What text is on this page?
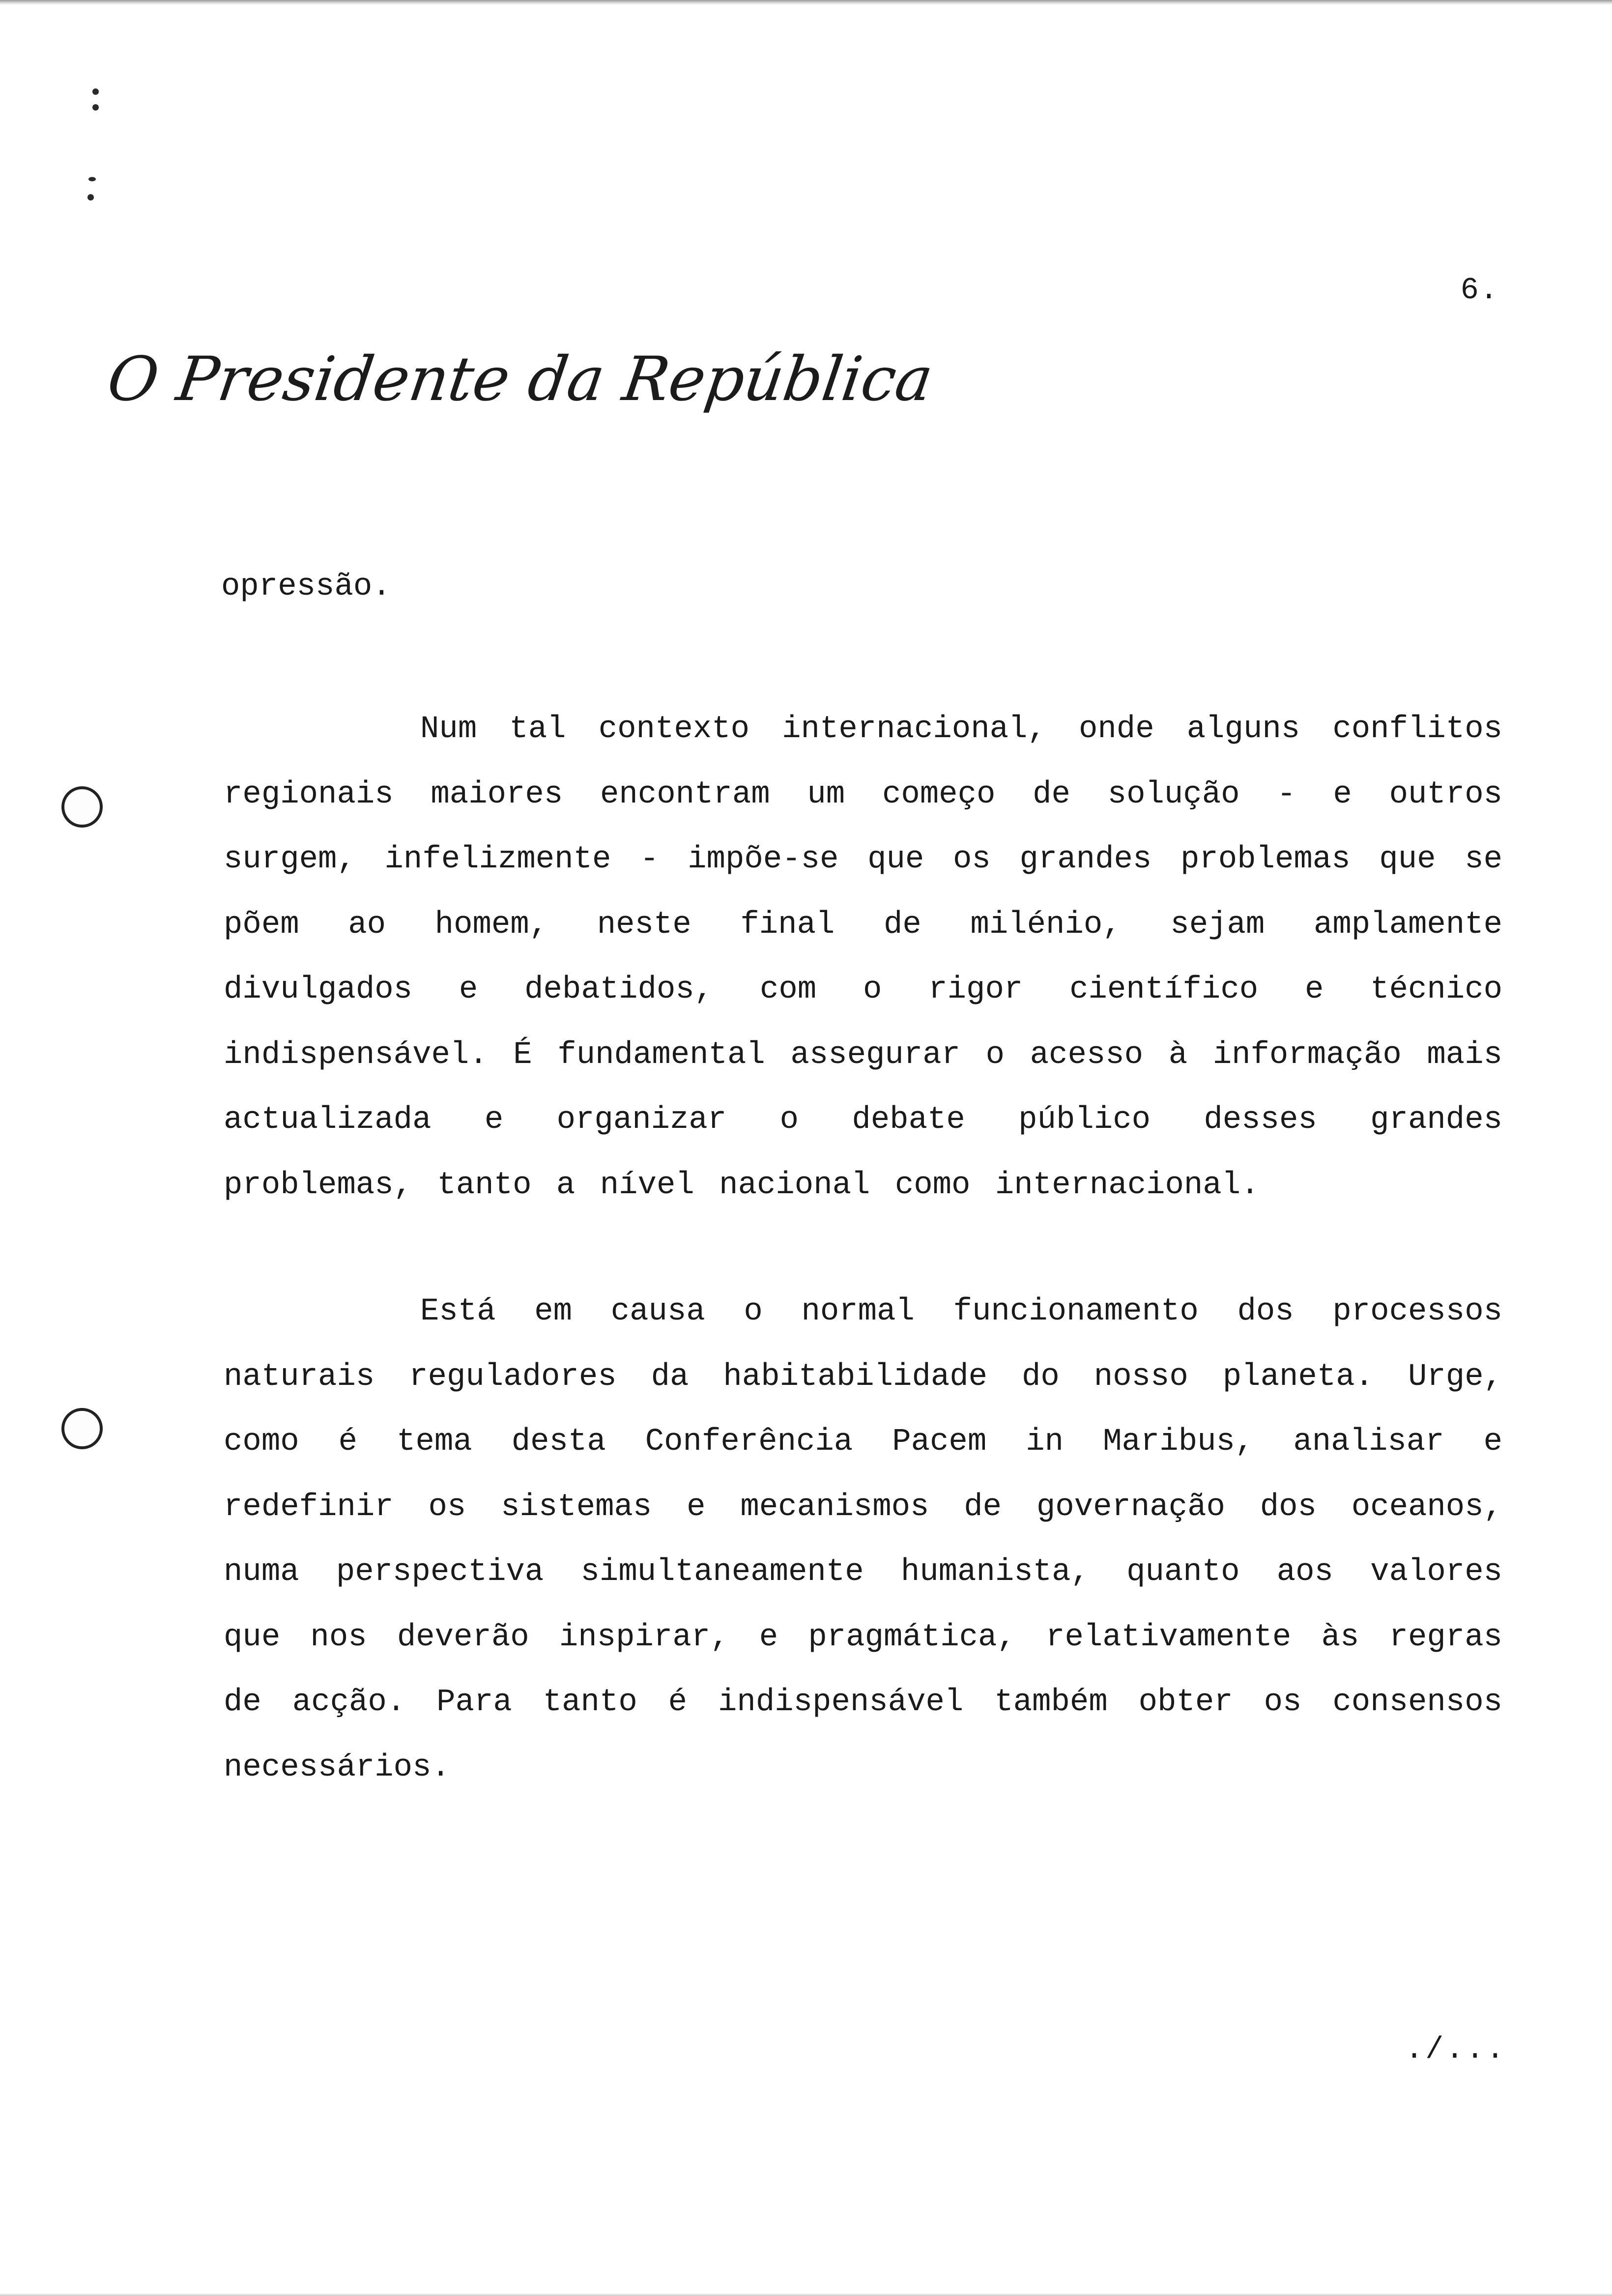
6.
O Presidente da República
opressão.

Num tal contexto internacional, onde alguns conflitos regionais maiores encontram um começo de solução - e outros surgem, infelizmente - impõe-se que os grandes problemas que se põem ao homem, neste final de milénio, sejam amplamente divulgados e debatidos, com o rigor científico e técnico indispensável. É fundamental assegurar o acesso à informação mais actualizada e organizar o debate público desses grandes problemas, tanto a nível nacional como internacional.

Está em causa o normal funcionamento dos processos naturais reguladores da habitabilidade do nosso planeta. Urge, como é tema desta Conferência Pacem in Maribus, analisar e redefinir os sistemas e mecanismos de governação dos oceanos, numa perspectiva simultaneamente humanista, quanto aos valores que nos deverão inspirar, e pragmática, relativamente às regras de acção. Para tanto é indispensável também obter os consensos necessários.

./...
